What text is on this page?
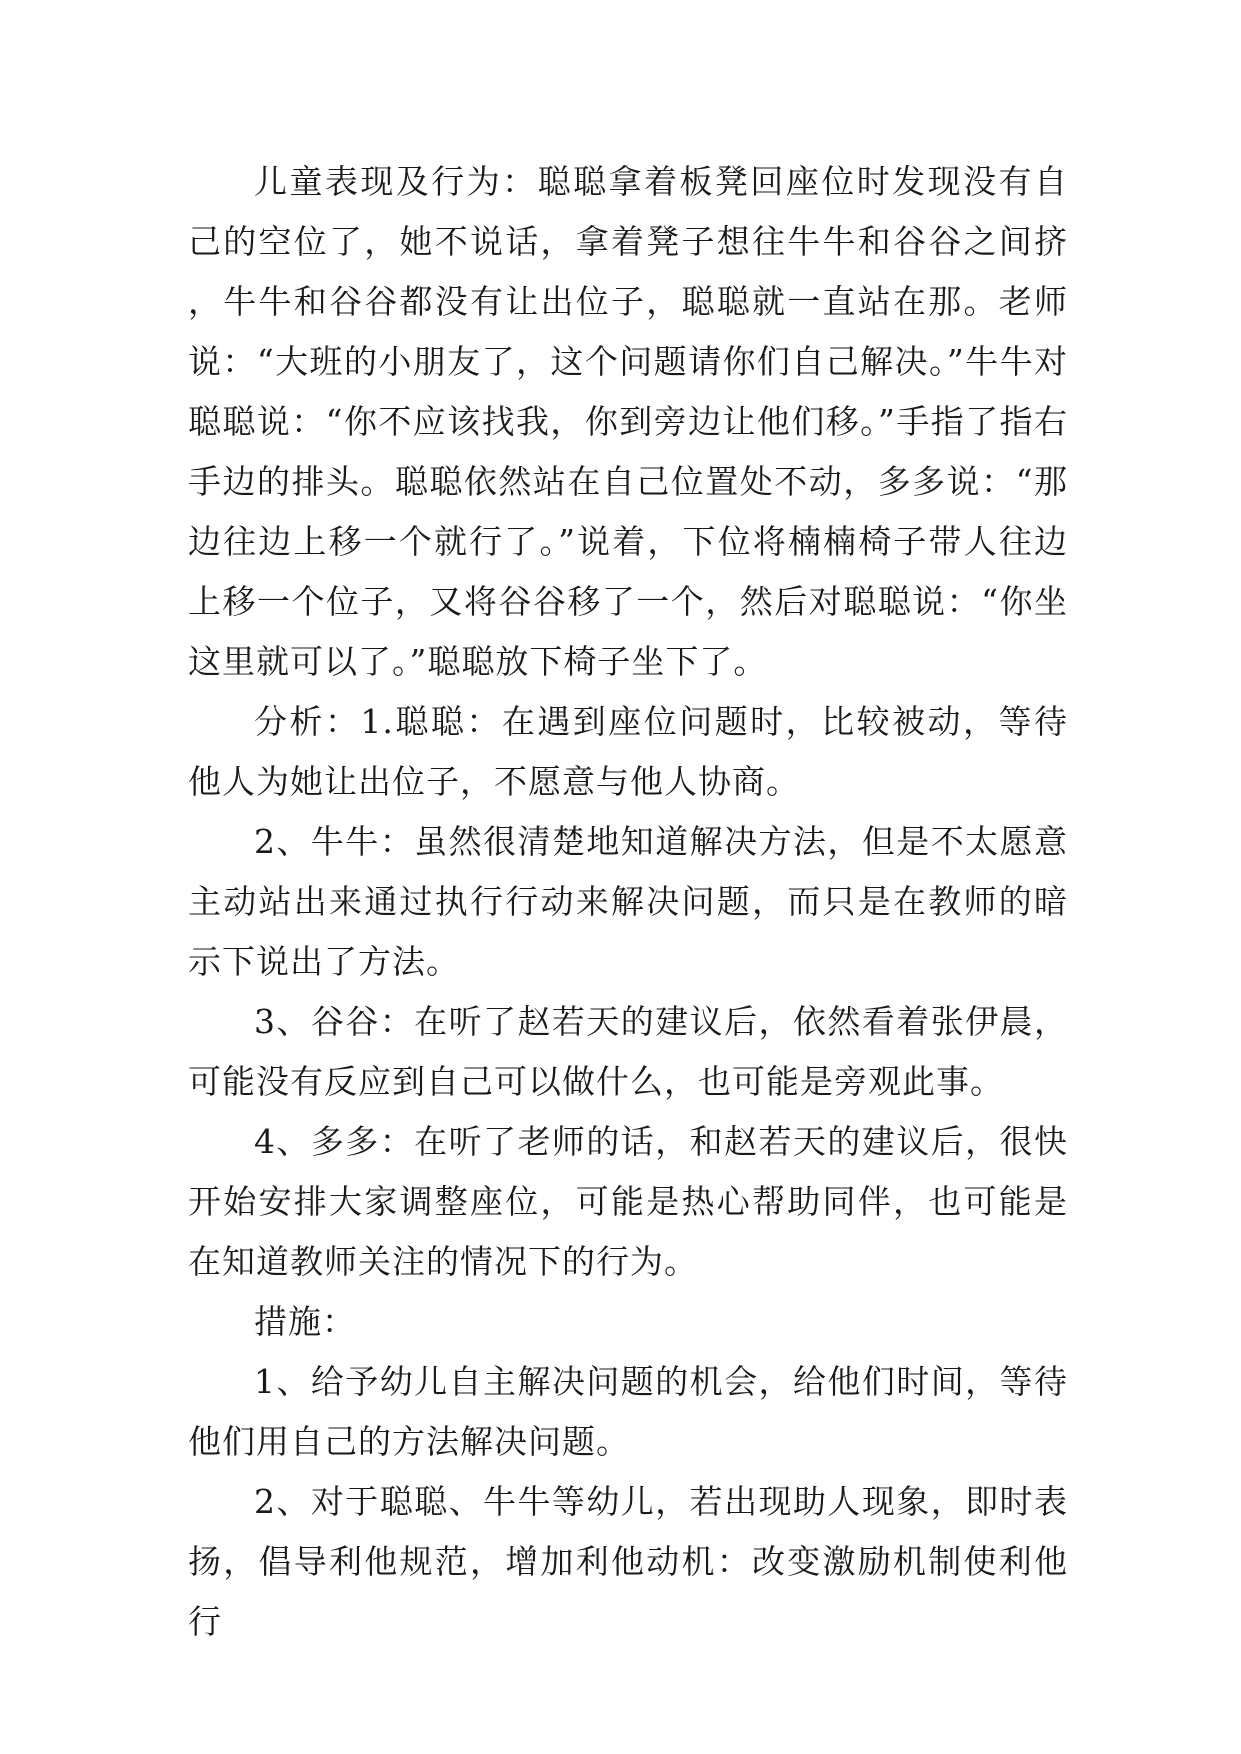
儿童表现及行为：聪聪拿着板凳回座位时发现没有自己的空位了，她不说话，拿着凳子想往牛牛和谷谷之间挤，牛牛和谷谷都没有让出位子，聪聪就一直站在那。老师说：“大班的小朋友了，这个问题请你们自己解决。”牛牛对聪聪说：“你不应该找我，你到旁边让他们移。”手指了指右手边的排头。聪聪依然站在自己位置处不动，多多说：“那边往边上移一个就行了。”说着，下位将楠楠椅子带人往边上移一个位子，又将谷谷移了一个，然后对聪聪说：“你坐这里就可以了。”聪聪放下椅子坐下了。

分析：1.聪聪：在遇到座位问题时，比较被动，等待他人为她让出位子，不愿意与他人协商。

2、牛牛：虽然很清楚地知道解决方法，但是不太愿意主动站出来通过执行行动来解决问题，而只是在教师的暗示下说出了方法。

3、谷谷：在听了赵若天的建议后，依然看着张伊晨，可能没有反应到自己可以做什么，也可能是旁观此事。

4、多多：在听了老师的话，和赵若天的建议后，很快开始安排大家调整座位，可能是热心帮助同伴，也可能是在知道教师关注的情况下的行为。

措施：

1、给予幼儿自主解决问题的机会，给他们时间，等待他们用自己的方法解决问题。

2、对于聪聪、牛牛等幼儿，若出现助人现象，即时表扬，倡导利他规范，增加利他动机：改变激励机制使利他行
